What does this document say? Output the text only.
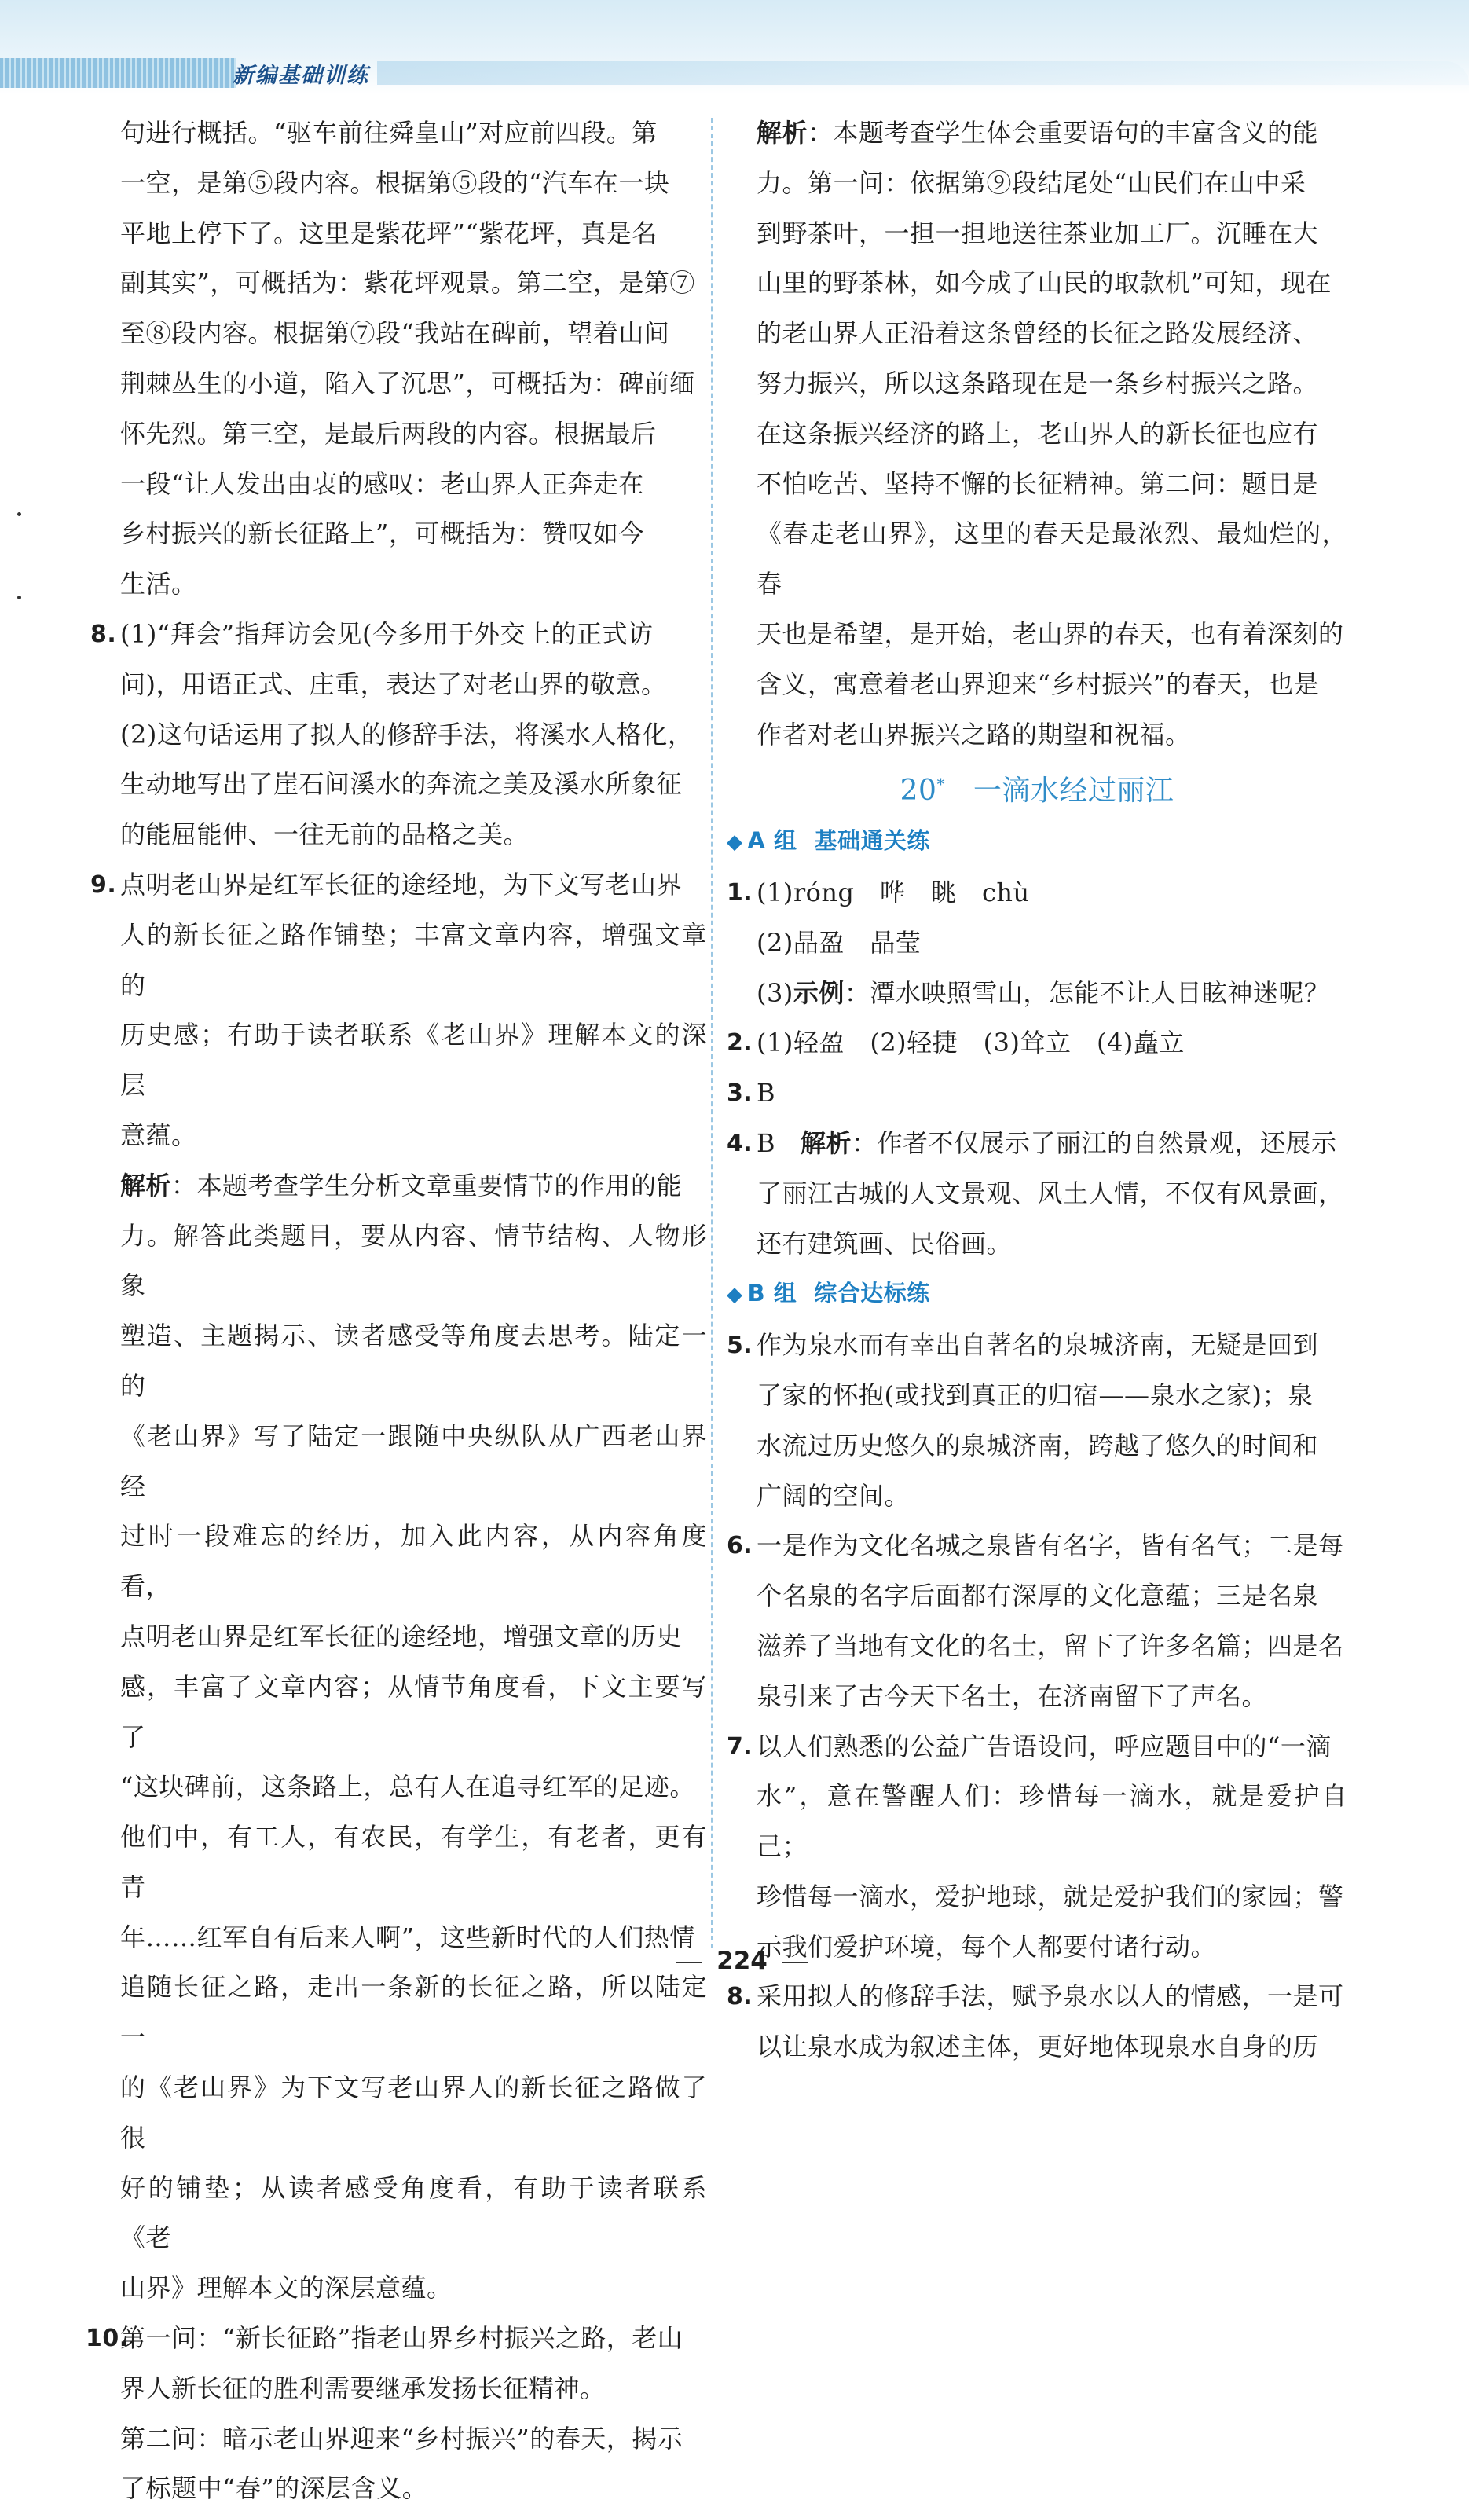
新编基础训练

句进行概括。“驱车前往舜皇山”对应前四段。第

一空，是第⑤段内容。根据第⑤段的“汽车在一块

平地上停下了。这里是紫花坪”“紫花坪，真是名

副其实”，可概括为：紫花坪观景。第二空，是第⑦

至⑧段内容。根据第⑦段“我站在碑前，望着山间

荆棘丛生的小道，陷入了沉思”，可概括为：碑前缅

怀先烈。第三空，是最后两段的内容。根据最后

一段“让人发出由衷的感叹：老山界人正奔走在

乡村振兴的新长征路上”，可概括为：赞叹如今

生活。

8. (1)“拜会”指拜访会见(今多用于外交上的正式访

问)，用语正式、庄重，表达了对老山界的敬意。

(2)这句话运用了拟人的修辞手法，将溪水人格化，

生动地写出了崖石间溪水的奔流之美及溪水所象征

的能屈能伸、一往无前的品格之美。

9. 点明老山界是红军长征的途经地，为下文写老山界

人的新长征之路作铺垫；丰富文章内容，增强文章的

历史感；有助于读者联系《老山界》理解本文的深层

意蕴。

解析：本题考查学生分析文章重要情节的作用的能

力。解答此类题目，要从内容、情节结构、人物形象

塑造、主题揭示、读者感受等角度去思考。陆定一的

《老山界》写了陆定一跟随中央纵队从广西老山界经

过时一段难忘的经历，加入此内容，从内容角度看，

点明老山界是红军长征的途经地，增强文章的历史

感，丰富了文章内容；从情节角度看，下文主要写了

“这块碑前，这条路上，总有人在追寻红军的足迹。

他们中，有工人，有农民，有学生，有老者，更有青

年……红军自有后来人啊”，这些新时代的人们热情

追随长征之路，走出一条新的长征之路，所以陆定一

的《老山界》为下文写老山界人的新长征之路做了很

好的铺垫；从读者感受角度看，有助于读者联系《老

山界》理解本文的深层意蕴。

10.

第一问：“新长征路”指老山界乡村振兴之路，老山

界人新长征的胜利需要继承发扬长征精神。

第二问：暗示老山界迎来“乡村振兴”的春天，揭示

了标题中“春”的深层含义。

解析：本题考查学生体会重要语句的丰富含义的能

力。第一问：依据第⑨段结尾处“山民们在山中采

到野茶叶，一担一担地送往茶业加工厂。沉睡在大

山里的野茶林，如今成了山民的取款机”可知，现在

的老山界人正沿着这条曾经的长征之路发展经济、

努力振兴，所以这条路现在是一条乡村振兴之路。

在这条振兴经济的路上，老山界人的新长征也应有

不怕吃苦、坚持不懈的长征精神。第二问：题目是

《春走老山界》，这里的春天是最浓烈、最灿烂的，春

天也是希望，是开始，老山界的春天，也有着深刻的

含义，寓意着老山界迎来“乡村振兴”的春天，也是

作者对老山界振兴之路的期望和祝福。

20* 一滴水经过丽江

◆ A 组 基础通关练

1. (1)róng　哗　眺　chù

(2)晶盈　晶莹

(3)示例：潭水映照雪山，怎能不让人目眩神迷呢？

2. (1)轻盈　(2)轻捷　(3)耸立　(4)矗立

3. B

4. B 解析：作者不仅展示了丽江的自然景观，还展示

了丽江古城的人文景观、风土人情，不仅有风景画，

还有建筑画、民俗画。

◆ B 组 综合达标练

5. 作为泉水而有幸出自著名的泉城济南，无疑是回到

了家的怀抱(或找到真正的归宿——泉水之家)；泉

水流过历史悠久的泉城济南，跨越了悠久的时间和

广阔的空间。

6. 一是作为文化名城之泉皆有名字，皆有名气；二是每

个名泉的名字后面都有深厚的文化意蕴；三是名泉

滋养了当地有文化的名士，留下了许多名篇；四是名

泉引来了古今天下名士，在济南留下了声名。

7. 以人们熟悉的公益广告语设问，呼应题目中的“一滴

水”，意在警醒人们：珍惜每一滴水，就是爱护自己；

珍惜每一滴水，爱护地球，就是爱护我们的家园；警

示我们爱护环境，每个人都要付诸行动。

8. 采用拟人的修辞手法，赋予泉水以人的情感，一是可

以让泉水成为叙述主体，更好地体现泉水自身的历

224
